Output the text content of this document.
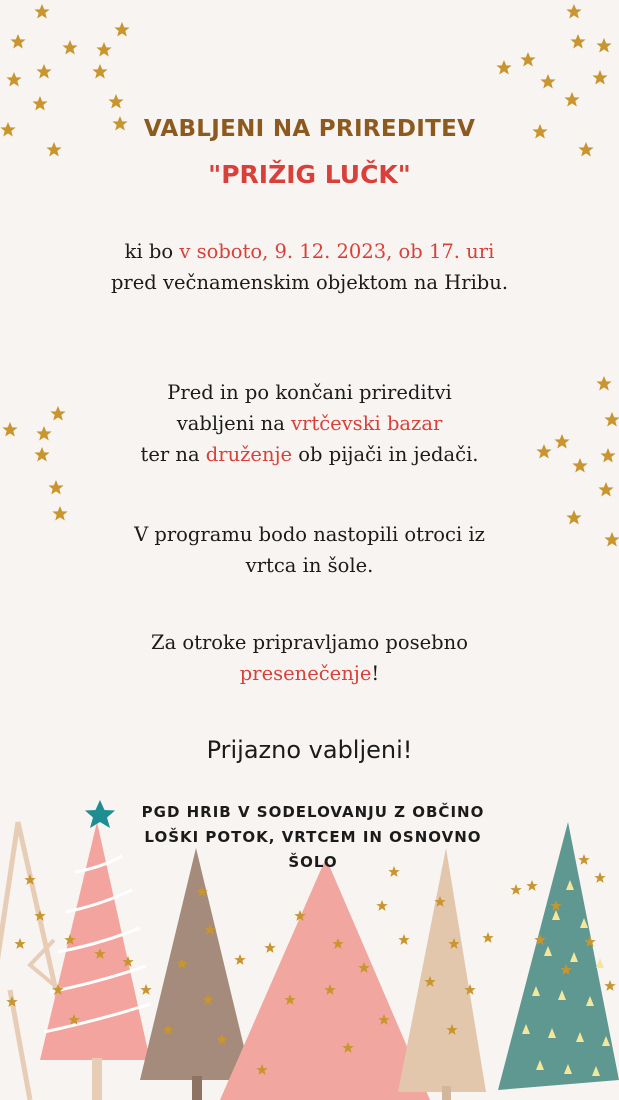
VABLJENI NA PRIREDITEV
"PRIŽIG LUČK"
ki bo v soboto, 9. 12. 2023, ob 17. uri
pred večnamenskim objektom na Hribu.
Pred in po končani prireditvi
vabljeni na vrtčevski bazar
ter na druženje ob pijači in jedači.
V programu bodo nastopili otroci iz
vrtca in šole.
Za otroke pripravljamo posebno
presenečenje!
Prijazno vabljeni!
PGD HRIB V SODELOVANJU Z OBČINO
LOŠKI POTOK, VRTCEM IN OSNOVNO
ŠOLO
